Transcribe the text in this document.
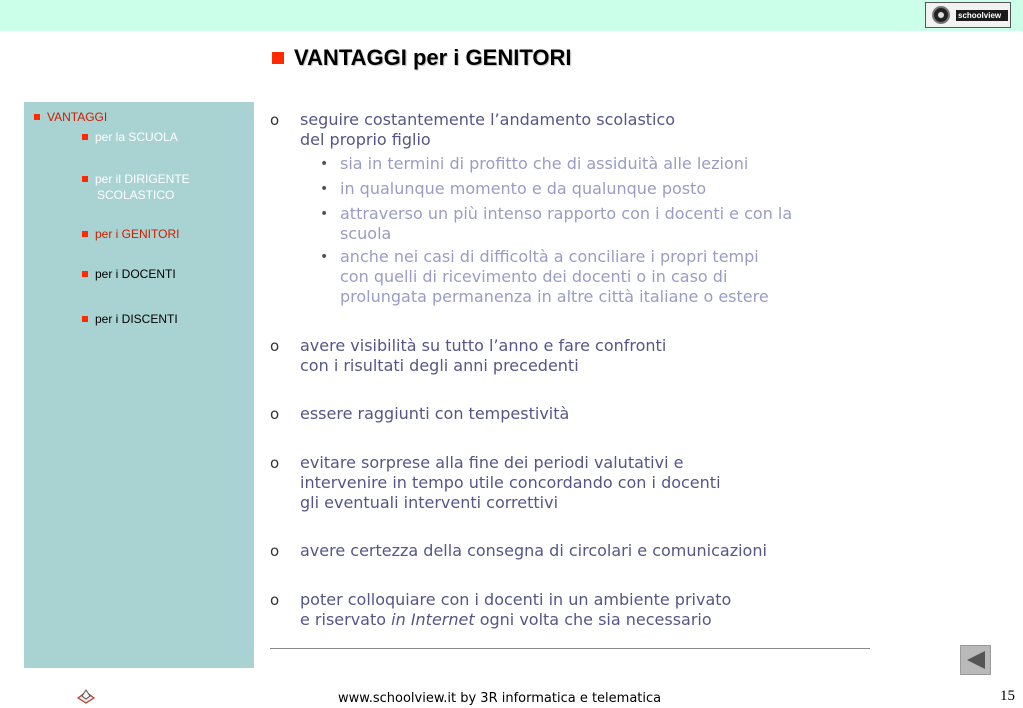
schoolview
VANTAGGI per i GENITORI
VANTAGGI
per la SCUOLA
per il DIRIGENTE
SCOLASTICO
per i GENITORI
per i DOCENTI
per i DISCENTI
o	seguire costantemente l’andamento scolastico
del proprio figlio
• sia in termini di profitto che di assiduità alle lezioni
• in qualunque momento e da qualunque posto
• attraverso un più intenso rapporto con i docenti e con la
scuola
• anche nei casi di difficoltà a conciliare i propri tempi
con quelli di ricevimento dei docenti o in caso di
prolungata permanenza in altre città italiane o estere
o	avere visibilità su tutto l’anno e fare confronti
con i risultati degli anni precedenti
o	essere raggiunti con tempestività
o	evitare sorprese alla fine dei periodi valutativi e
intervenire in tempo utile concordando con i docenti
gli eventuali interventi correttivi
o	avere certezza della consegna di circolari e comunicazioni
o	poter colloquiare con i docenti in un ambiente privato
e riservato in Internet ogni volta che sia necessario
www.schoolview.it by 3R informatica e telematica	15
